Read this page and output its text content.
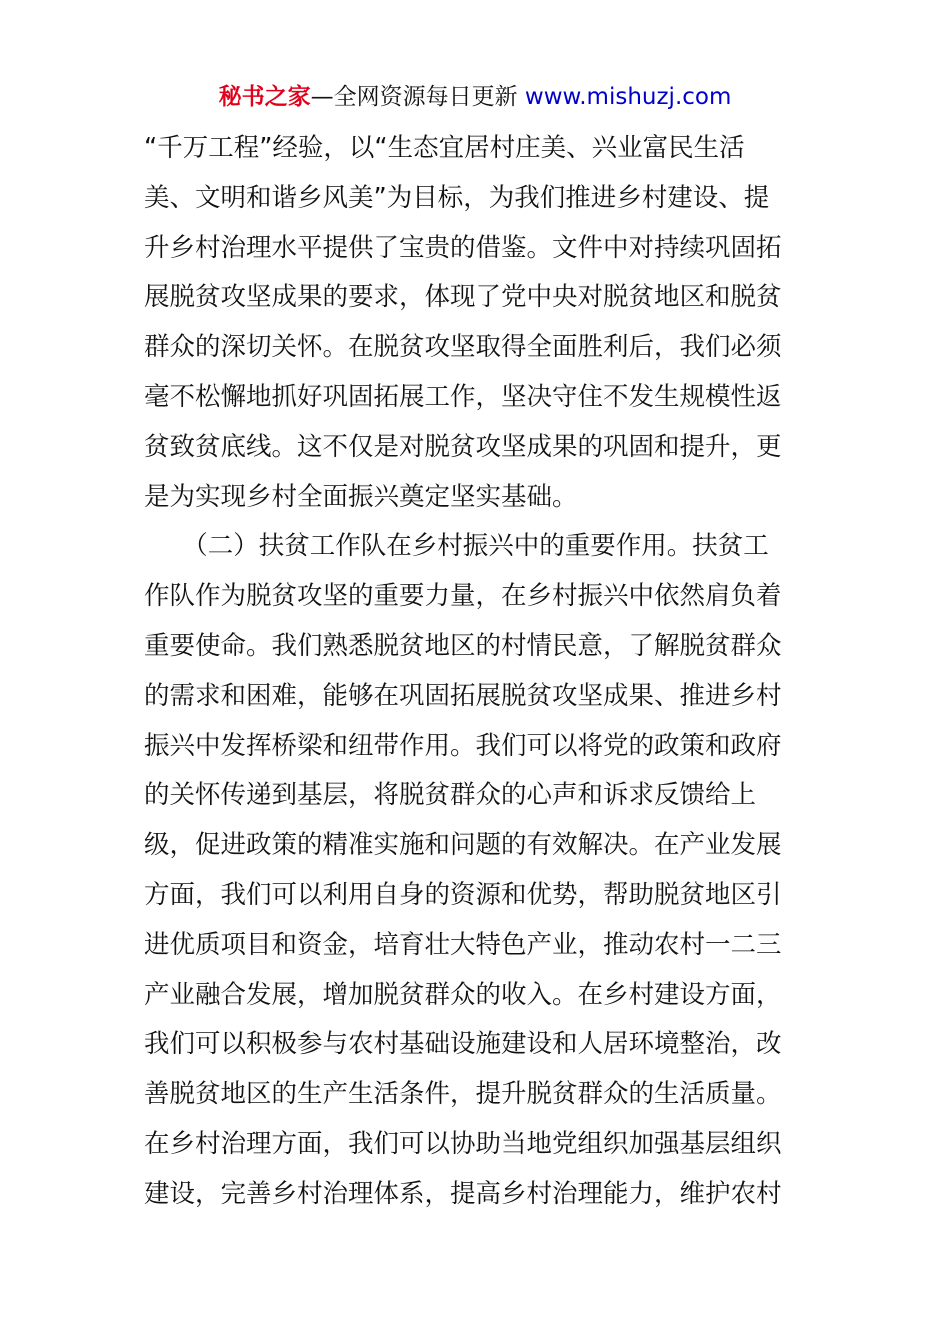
秘书之家—全网资源每日更新 www.mishuzj.com
“千万工程”经验，以“生态宜居村庄美、兴业富民生活
美、文明和谐乡风美”为目标，为我们推进乡村建设、提
升乡村治理水平提供了宝贵的借鉴。文件中对持续巩固拓
展脱贫攻坚成果的要求，体现了党中央对脱贫地区和脱贫
群众的深切关怀。在脱贫攻坚取得全面胜利后，我们必须
毫不松懈地抓好巩固拓展工作，坚决守住不发生规模性返
贫致贫底线。这不仅是对脱贫攻坚成果的巩固和提升，更
是为实现乡村全面振兴奠定坚实基础。
　　（二）扶贫工作队在乡村振兴中的重要作用。扶贫工
作队作为脱贫攻坚的重要力量，在乡村振兴中依然肩负着
重要使命。我们熟悉脱贫地区的村情民意，了解脱贫群众
的需求和困难，能够在巩固拓展脱贫攻坚成果、推进乡村
振兴中发挥桥梁和纽带作用。我们可以将党的政策和政府
的关怀传递到基层，将脱贫群众的心声和诉求反馈给上
级，促进政策的精准实施和问题的有效解决。在产业发展
方面，我们可以利用自身的资源和优势，帮助脱贫地区引
进优质项目和资金，培育壮大特色产业，推动农村一二三
产业融合发展，增加脱贫群众的收入。在乡村建设方面，
我们可以积极参与农村基础设施建设和人居环境整治，改
善脱贫地区的生产生活条件，提升脱贫群众的生活质量。
在乡村治理方面，我们可以协助当地党组织加强基层组织
建设，完善乡村治理体系，提高乡村治理能力，维护农村
